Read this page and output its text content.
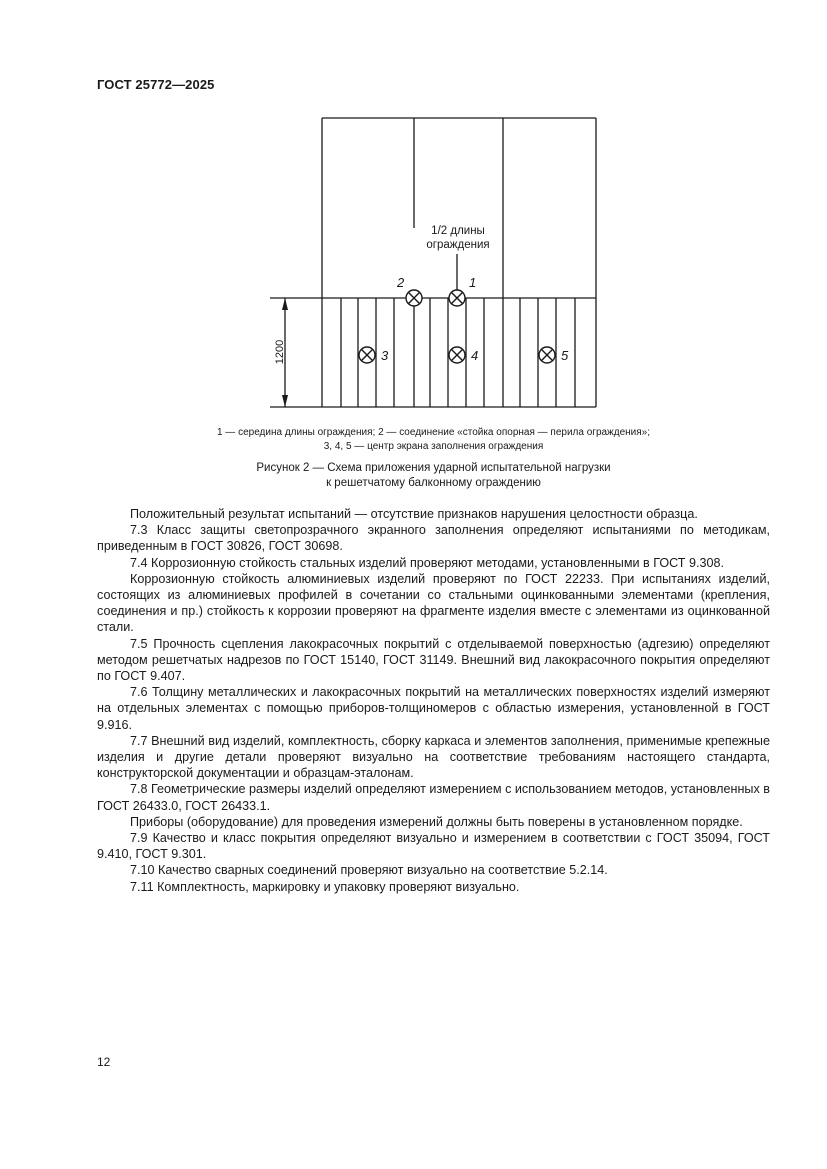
ГОСТ 25772—2025
1200
1/2 длины
ограждения
2	1
3	4	5
1 — середина длины ограждения; 2 — соединение «стойка опорная — перила ограждения»;
3, 4, 5 — центр экрана заполнения ограждения
Рисунок 2 — Схема приложения ударной испытательной нагрузки
к решетчатому балконному ограждению

Положительный результат испытаний — отсутствие признаков нарушения целостности образца.

7.3 Класс защиты светопрозрачного экранного заполнения определяют испытаниями по методикам, приведенным в ГОСТ 30826, ГОСТ 30698.

7.4 Коррозионную стойкость стальных изделий проверяют методами, установленными в ГОСТ 9.308.

Коррозионную стойкость алюминиевых изделий проверяют по ГОСТ 22233. При испытаниях изделий, состоящих из алюминиевых профилей в сочетании со стальными оцинкованными элементами (крепления, соединения и пр.) стойкость к коррозии проверяют на фрагменте изделия вместе с элементами из оцинкованной стали.

7.5 Прочность сцепления лакокрасочных покрытий с отделываемой поверхностью (адгезию) определяют методом решетчатых надрезов по ГОСТ 15140, ГОСТ 31149. Внешний вид лакокрасочного покрытия определяют по ГОСТ 9.407.

7.6 Толщину металлических и лакокрасочных покрытий на металлических поверхностях изделий измеряют на отдельных элементах с помощью приборов-толщиномеров с областью измерения, установленной в ГОСТ 9.916.

7.7 Внешний вид изделий, комплектность, сборку каркаса и элементов заполнения, применимые крепежные изделия и другие детали проверяют визуально на соответствие требованиям настоящего стандарта, конструкторской документации и образцам-эталонам.

7.8 Геометрические размеры изделий определяют измерением с использованием методов, установленных в ГОСТ 26433.0, ГОСТ 26433.1.

Приборы (оборудование) для проведения измерений должны быть поверены в установленном порядке.

7.9 Качество и класс покрытия определяют визуально и измерением в соответствии с ГОСТ 35094, ГОСТ 9.410, ГОСТ 9.301.

7.10 Качество сварных соединений проверяют визуально на соответствие 5.2.14.

7.11 Комплектность, маркировку и упаковку проверяют визуально.

12
